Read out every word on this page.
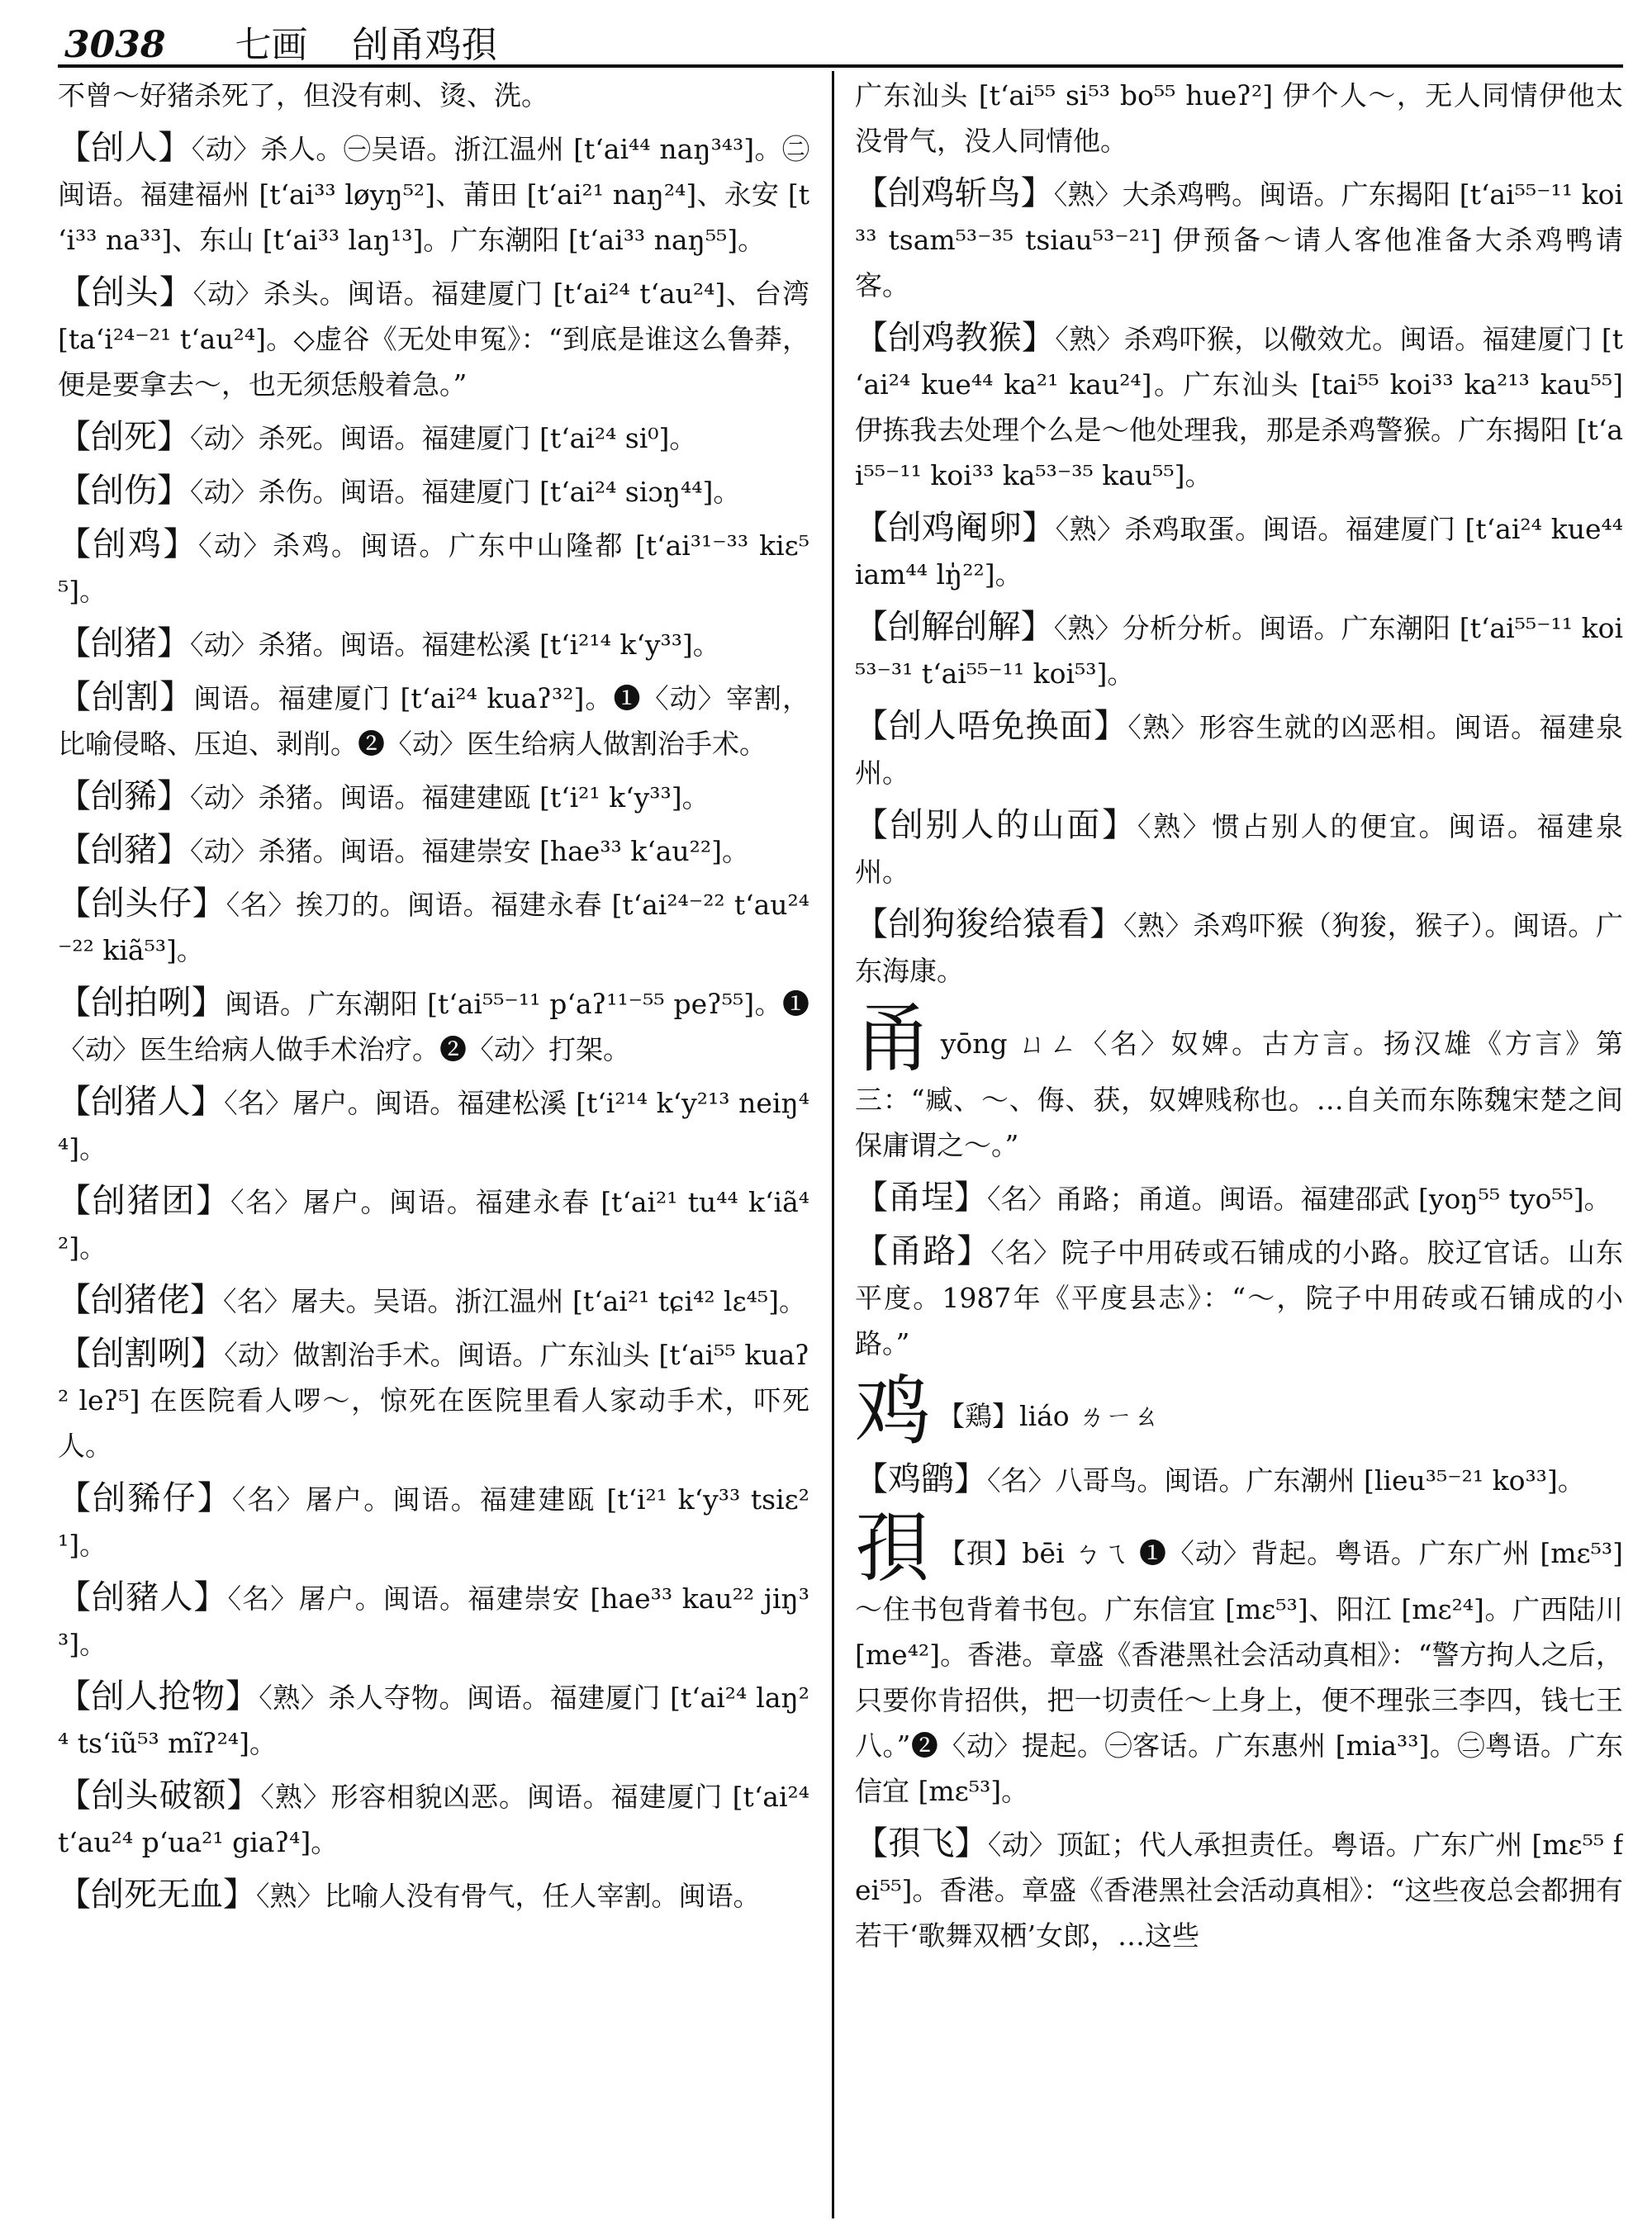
3038 七画 刣甬鸡孭

不曾～好猪杀死了，但没有刺、烫、洗。

【刣人】〈动〉杀人。㊀吴语。浙江温州 [tʻai⁴⁴ naŋ³⁴³]。㊁闽语。福建福州 [tʻai³³ løyŋ⁵²]、莆田 [tʻai²¹ naŋ²⁴]、永安 [tʻi³³ na³³]、东山 [tʻai³³ laŋ¹³]。广东潮阳 [tʻai³³ naŋ⁵⁵]。

【刣头】〈动〉杀头。闽语。福建厦门 [tʻai²⁴ tʻau²⁴]、台湾 [taʻi²⁴⁻²¹ tʻau²⁴]。◇虚谷《无处申冤》：“到底是谁这么鲁莽，便是要拿去～，也无须恁般着急。”

【刣死】〈动〉杀死。闽语。福建厦门 [tʻai²⁴ si⁰]。

【刣伤】〈动〉杀伤。闽语。福建厦门 [tʻai²⁴ siɔŋ⁴⁴]。

【刣鸡】〈动〉杀鸡。闽语。广东中山隆都 [tʻai³¹⁻³³ kiɛ⁵⁵]。

【刣猪】〈动〉杀猪。闽语。福建松溪 [tʻi²¹⁴ kʻy³³]。

【刣割】闽语。福建厦门 [tʻai²⁴ kuaʔ³²]。❶〈动〉宰割，比喻侵略、压迫、剥削。❷〈动〉医生给病人做割治手术。

【刣豨】〈动〉杀猪。闽语。福建建瓯 [tʻi²¹ kʻy³³]。

【刣豬】〈动〉杀猪。闽语。福建崇安 [hae³³ kʻau²²]。

【刣头仔】〈名〉挨刀的。闽语。福建永春 [tʻai²⁴⁻²² tʻau²⁴⁻²² kiã⁵³]。

【刣拍咧】闽语。广东潮阳 [tʻai⁵⁵⁻¹¹ pʻaʔ¹¹⁻⁵⁵ peʔ⁵⁵]。❶〈动〉医生给病人做手术治疗。❷〈动〉打架。

【刣猪人】〈名〉屠户。闽语。福建松溪 [tʻi²¹⁴ kʻy²¹³ neiŋ⁴⁴]。

【刣猪团】〈名〉屠户。闽语。福建永春 [tʻai²¹ tu⁴⁴ kʻiã⁴²]。

【刣猪佬】〈名〉屠夫。吴语。浙江温州 [tʻai²¹ tɕi⁴² lɛ⁴⁵]。

【刣割咧】〈动〉做割治手术。闽语。广东汕头 [tʻai⁵⁵ kuaʔ² leʔ⁵] 在医院看人啰～，惊死在医院里看人家动手术，吓死人。

【刣豨仔】〈名〉屠户。闽语。福建建瓯 [tʻi²¹ kʻy³³ tsiɛ²¹]。

【刣豬人】〈名〉屠户。闽语。福建崇安 [hae³³ kau²² jiŋ³³]。

【刣人抢物】〈熟〉杀人夺物。闽语。福建厦门 [tʻai²⁴ laŋ²⁴ tsʻiũ⁵³ mĩʔ²⁴]。

【刣头破额】〈熟〉形容相貌凶恶。闽语。福建厦门 [tʻai²⁴ tʻau²⁴ pʻua²¹ giaʔ⁴]。

【刣死无血】〈熟〉比喻人没有骨气，任人宰割。闽语。

广东汕头 [tʻai⁵⁵ si⁵³ bo⁵⁵ hueʔ²] 伊个人～，无人同情伊他太没骨气，没人同情他。

【刣鸡斩鸟】〈熟〉大杀鸡鸭。闽语。广东揭阳 [tʻai⁵⁵⁻¹¹ koi³³ tsam⁵³⁻³⁵ tsiau⁵³⁻²¹] 伊预备～请人客他准备大杀鸡鸭请客。

【刣鸡教猴】〈熟〉杀鸡吓猴，以儆效尤。闽语。福建厦门 [tʻai²⁴ kue⁴⁴ ka²¹ kau²⁴]。广东汕头 [tai⁵⁵ koi³³ ka²¹³ kau⁵⁵] 伊拣我去处理个么是～他处理我，那是杀鸡警猴。广东揭阳 [tʻai⁵⁵⁻¹¹ koi³³ ka⁵³⁻³⁵ kau⁵⁵]。

【刣鸡阉卵】〈熟〉杀鸡取蛋。闽语。福建厦门 [tʻai²⁴ kue⁴⁴ iam⁴⁴ lŋ̍²²]。

【刣解刣解】〈熟〉分析分析。闽语。广东潮阳 [tʻai⁵⁵⁻¹¹ koi⁵³⁻³¹ tʻai⁵⁵⁻¹¹ koi⁵³]。

【刣人唔免换面】〈熟〉形容生就的凶恶相。闽语。福建泉州。

【刣别人的山面】〈熟〉惯占别人的便宜。闽语。福建泉州。

【刣狗狻给猿看】〈熟〉杀鸡吓猴（狗狻，猴子）。闽语。广东海康。

甬yōng ㄩㄥ〈名〉奴婢。古方言。扬汉雄《方言》第三：“臧、～、侮、获，奴婢贱称也。…自关而东陈魏宋楚之间保庸谓之～。”

【甬埕】〈名〉甬路；甬道。闽语。福建邵武 [yoŋ⁵⁵ tyo⁵⁵]。

【甬路】〈名〉院子中用砖或石铺成的小路。胶辽官话。山东平度。1987年《平度县志》：“～，院子中用砖或石铺成的小路。”

鸡 【鶏】liáo ㄌㄧㄠ

【鸡鹠】〈名〉八哥鸟。闽语。广东潮州 [lieu³⁵⁻²¹ ko³³]。

孭 【孭】bēi ㄅㄟ ❶〈动〉背起。粤语。广东广州 [mɛ⁵³] ～住书包背着书包。广东信宜 [mɛ⁵³]、阳江 [mɛ²⁴]。广西陆川 [me⁴²]。香港。章盛《香港黑社会活动真相》：“警方拘人之后，只要你肯招供，把一切责任～上身上，便不理张三李四，钱七王八。”❷〈动〉提起。㊀客话。广东惠州 [mia³³]。㊁粤语。广东信宜 [mɛ⁵³]。

【孭飞】〈动〉顶缸；代人承担责任。粤语。广东广州 [mɛ⁵⁵ fei⁵⁵]。香港。章盛《香港黑社会活动真相》：“这些夜总会都拥有若干‘歌舞双栖’女郎，…这些
